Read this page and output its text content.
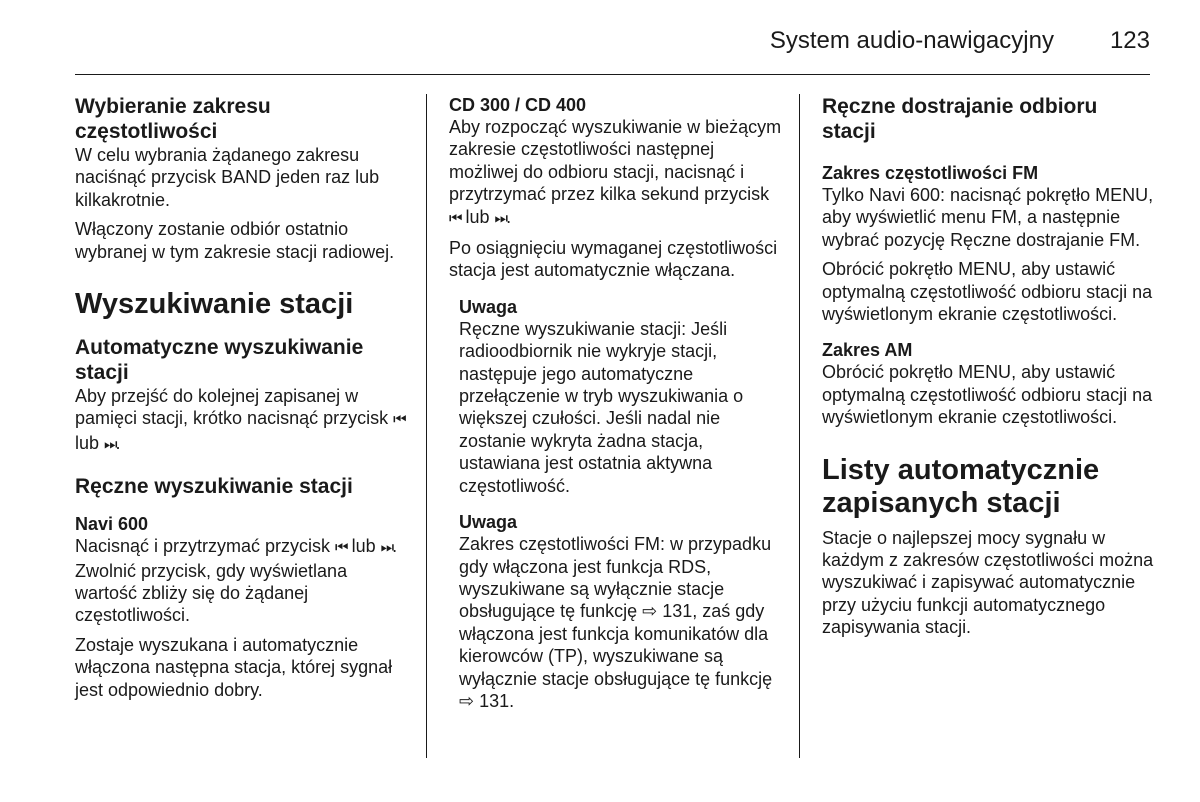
System audio-nawigacyjny 123
Wybieranie zakresu częstotliwości

W celu wybrania żądanego zakresu naciśnąć przycisk BAND jeden raz lub kilkakrotnie.

Włączony zostanie odbiór ostatnio wybranej w tym zakresie stacji radiowej.

Wyszukiwanie stacji
Automatyczne wyszukiwanie stacji

Aby przejść do kolejnej zapisanej w pamięci stacji, krótko nacisnąć przycisk ⏮ lub ⏭.

Ręczne wyszukiwanie stacji
Navi 600

Nacisnąć i przytrzymać przycisk ⏮ lub ⏭. Zwolnić przycisk, gdy wyświetlana wartość zbliży się do żądanej częstotliwości.

Zostaje wyszukana i automatycznie włączona następna stacja, której sygnał jest odpowiednio dobry.

CD 300 / CD 400

Aby rozpocząć wyszukiwanie w bieżącym zakresie częstotliwości następnej możliwej do odbioru stacji, nacisnąć i przytrzymać przez kilka sekund przycisk ⏮ lub ⏭.

Po osiągnięciu wymaganej częstotliwości stacja jest automatycznie włączana.

Uwaga

Ręczne wyszukiwanie stacji: Jeśli radioodbiornik nie wykryje stacji, następuje jego automatyczne przełączenie w tryb wyszukiwania o większej czułości. Jeśli nadal nie zostanie wykryta żadna stacja, ustawiana jest ostatnia aktywna częstotliwość.

Uwaga

Zakres częstotliwości FM: w przypadku gdy włączona jest funkcja RDS, wyszukiwane są wyłącznie stacje obsługujące tę funkcję ⇨ 131, zaś gdy włączona jest funkcja komunikatów dla kierowców (TP), wyszukiwane są wyłącznie stacje obsługujące tę funkcję ⇨ 131.

Ręczne dostrajanie odbioru stacji
Zakres częstotliwości FM

Tylko Navi 600: nacisnąć pokrętło MENU, aby wyświetlić menu FM, a następnie wybrać pozycję Ręczne dostrajanie FM.

Obrócić pokrętło MENU, aby ustawić optymalną częstotliwość odbioru stacji na wyświetlonym ekranie częstotliwości.

Zakres AM

Obrócić pokrętło MENU, aby ustawić optymalną częstotliwość odbioru stacji na wyświetlonym ekranie częstotliwości.

Listy automatycznie zapisanych stacji

Stacje o najlepszej mocy sygnału w każdym z zakresów częstotliwości można wyszukiwać i zapisywać automatycznie przy użyciu funkcji automatycznego zapisywania stacji.
